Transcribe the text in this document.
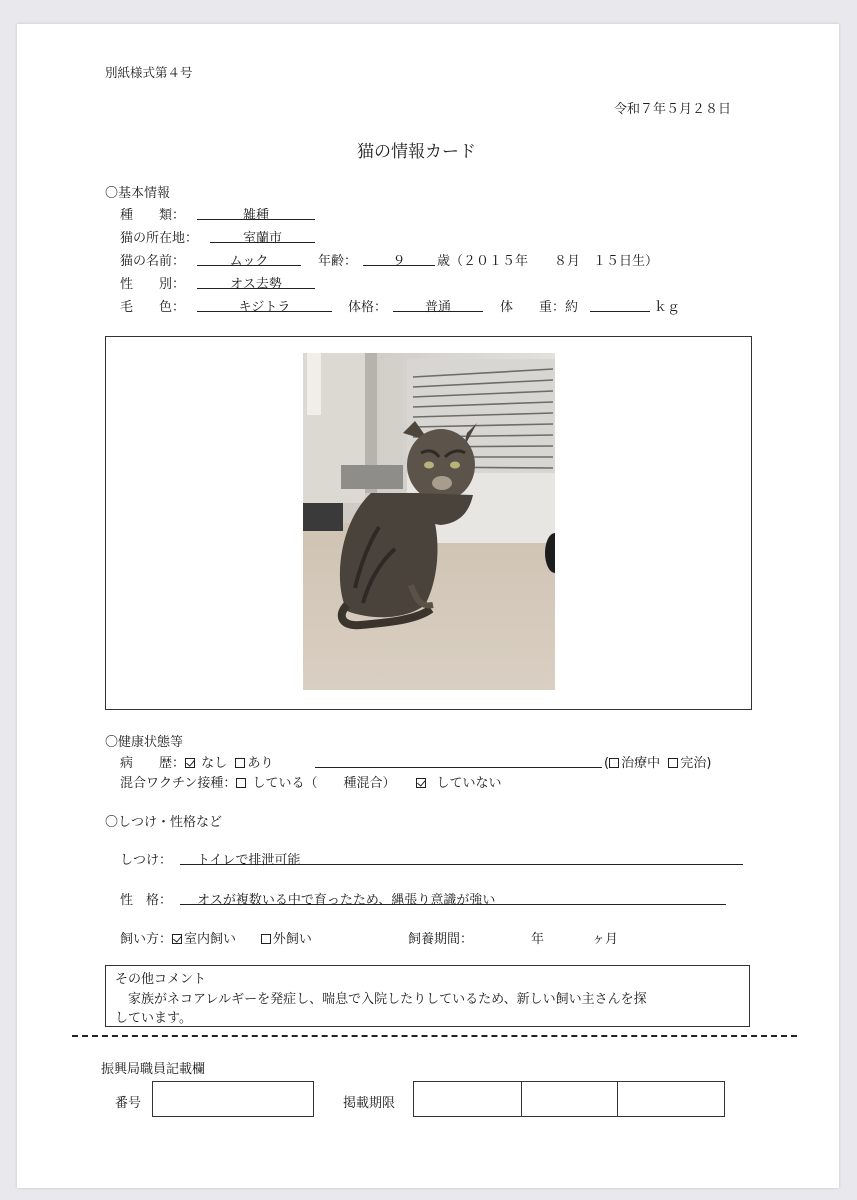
別紙様式第４号
令和７年５月２８日
猫の情報カード
〇基本情報
種　　類：	雑種
猫の所在地：	室蘭市
猫の名前：	ムック	年齢：	９	歳（２０１５年　　８月　１５日生）
性　　別：	オス去勢
毛　　色：	キジトラ	体格：	普通	体　　重：約	ｋｇ
〇健康状態等
病　　歴： なし あり	( 治療中 完治)
混合ワクチン接種： している（　　種混合）	していない
〇しつけ・性格など
しつけ： トイレで排泄可能
性　格： オスが複数いる中で育ったため、縄張り意識が強い
飼い方： 室内飼い	外飼い	飼養期間：	年	ヶ月
その他コメント
家族がネコアレルギーを発症し、喘息で入院したりしているため、新しい飼い主さんを探
しています。
振興局職員記載欄
番号	掲載期限
